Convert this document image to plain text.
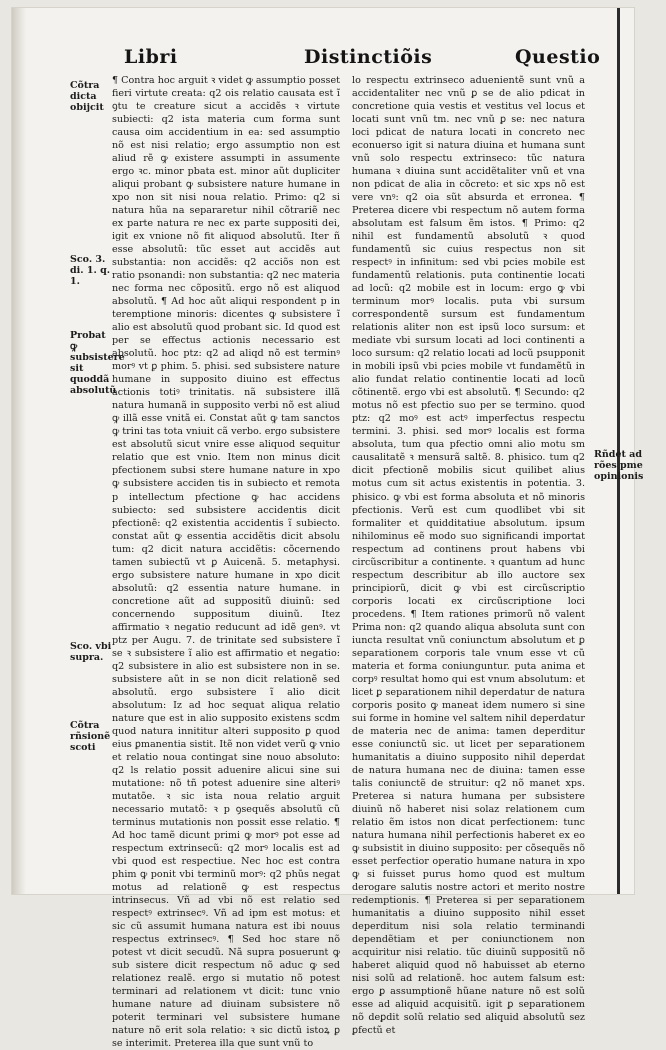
Libri	Distinctiõis	Questio
Cõtra dicta obijcit
Sco. 3. di. 1. q. 1.
Probat ꝙ subsistere sit quoddã absolutũ
Sco. vbi supra.
Cõtra rñsionẽ scoti
Rñdet ad rões pme opinionis

¶ Contra hoc arguit ꝛ videt ꝙ assumptio posset fieri virtute creata: q2 ois relatio causata est ĩ ꝯtu te creature sicut a accidẽs ꝛ virtute subiecti: q2 ista materia cum forma sunt causa oim accidentium in ea: sed assumptio nõ est nisi relatio; ergo assumptio non est aliud rẽ ꝙ existere assumpti in assumente ergo ꝛc. minor pbata est. minor aũt dupliciter aliqui probant ꝙ subsistere nature humane in xpo non sit nisi noua relatio. Primo: q2 si natura hũa na separaretur nihil cõtrariẽ nec ex parte natura re nec ex parte suppositi dei, igit ex vnione nõ fit aliquod absolutũ. Iter ñ esse absolutũ: tũc esset aut accidẽs aut substantia: non accidẽs: q2 acciõs non est ratio psonandi: non substantia: q2 nec materia nec forma nec cõpositũ. ergo nõ est aliquod absolutũ. ¶ Ad hoc aũt aliqui respondent p in teremptione minoris: dicentes ꝙ subsistere ĩ alio est absolutũ quod probant sic. Id quod est per se effectus actionis necessario est absolutũ. hoc ptz: q2 ad aliqd nõ est terminꝰ morꝰ vt ꝑ phim. 5. phisi. sed subsistere nature humane in supposito diuino est effectus actionis totiꝰ trinitatis. nã subsistere illã natura humanã in supposito verbi nõ est aliud ꝙ illã esse vnitã ei. Constat aũt ꝙ tam sanctos ꝙ trini tas tota vniuit cã verbo. ergo subsistere est absolutũ sicut vnire esse aliquod sequitur relatio que est vnio. Item non minus dicit pfectionem subsi stere humane nature in xpo ꝙ subsistere acciden tis in subiecto et remota p intellectum pfectione ꝙ hac accidens subiecto: sed subsistere accidentis dicit pfectionẽ: q2 existentia accidentis ĩ subiecto. constat aũt ꝙ essentia accidẽtis dicit absolu tum: q2 dicit natura accidẽtis: cõcernendo tamen subiectũ vt ꝑ Auicenã. 5. metaphysi. ergo subsistere nature humane in xpo dicit absolutũ: q2 essentia nature humane. in concretione aũt ad suppositũ diuinũ: sed concernendo suppositum diuinũ. Itez affirmatio ꝛ negatio reducunt ad idẽ genꝰ. vt ptz per Augu. 7. de trinitate sed subsistere ĩ se ꝛ subsistere ĩ alio est affirmatio et negatio: q2 subsistere in alio est subsistere non in se. subsistere aũt in se non dicit relationẽ sed absolutũ. ergo subsistere ĩ alio dicit absolutum: Iz ad hoc sequat aliqua relatio nature que est in alio supposito existens scdm quod natura innititur alteri supposito ꝑ quod eius ꝑmanentia sistit. Itẽ non videt verũ ꝙ vnio et relatio noua contingat sine nouo absoluto: q2 ls relatio possit aduenire alicui sine sui mutatione: nõ tñ potest aduenire sine alteriꝰ mutatõe. ꝛ sic ista noua relatio arguit necessario mutatõ: ꝛ p ꝯsequẽs absolutũ cũ terminus mutationis non possit esse relatio. ¶ Ad hoc tamẽ dicunt primi ꝙ morꝰ pot esse ad respectum extrinsecũ: q2 morꝰ localis est ad vbi quod est respectiue. Nec hoc est contra phim ꝙ ponit vbi terminũ morꝰ: q2 phũs negat motus ad relationẽ ꝙ est respectus intrinsecus. Vñ ad vbi nõ est relatio sed respectꝰ extrinsecꝰ. Vñ ad ipm est motus: et sic cũ assumit humana natura est ibi nouus respectus extrinsecꝰ. ¶ Sed hoc stare nõ potest vt dicit secudũ. Nã supra posuerunt ꝙ sub sistere dicit respectum nõ aduc ꝙ sed relationez realẽ. ergo si mutatio nõ potest terminari ad relationem vt dicit: tunc vnio humane nature ad diuinam subsistere nõ poterit terminari vel subsistere humane nature nõ erit sola relatio: ꝛ sic dictũ istoꝝ ꝑ se interimit. Preterea illa que sunt vnũ to

lo respectu extrinseco aduenientẽ sunt vnũ a accidentaliter nec vnũ ꝑ se de alio pdicat in concretione quia vestis et vestitus vel locus et locati sunt vnũ tm. nec vnũ ꝑ se: nec natura loci pdicat de natura locati in concreto nec econuerso igit si natura diuina et humana sunt vnũ solo respectu extrinseco: tũc natura humana ꝛ diuina sunt accidẽtaliter vnũ et vna non pdicat de alia in cõcreto: et sic xps nõ est vere vnꝰ: q2 oia sũt absurda et erronea. ¶ Preterea dicere vbi respectum nõ autem forma absolutam est falsum ẽm istos. ¶ Primo: q2 nihil est fundamentũ absolutũ ꝛ quod fundamentũ sic cuius respectus non sit respectꝰ in infinitum: sed vbi pcies mobile est fundamentũ relationis. puta continentie locati ad locũ: q2 mobile est in locum: ergo ꝙ vbi terminum morꝰ localis. puta vbi sursum correspondentẽ sursum est fundamentum relationis aliter non est ipsũ loco sursum: et mediate vbi sursum locati ad loci continenti a loco sursum: q2 relatio locati ad locũ psupponit in mobili ipsũ vbi pcies mobile vt fundamẽtũ in alio fundat relatio continentie locati ad locũ cõtinentẽ. ergo vbi est absolutũ. ¶ Secundo: q2 motus nõ est pfectio suo per se termino. quod ptz: q2 moꝰ est actꝰ imperfectus respectu termini. 3. phisi. sed morꝰ localis est forma absoluta, tum qua pfectio omni alio motu sm causalitatẽ ꝛ mensurã saltẽ. 8. phisico. tum q2 dicit pfectionẽ mobilis sicut quilibet alius motus cum sit actus existentis in potentia. 3. phisico. ꝙ vbi est forma absoluta et nõ minoris pfectionis. Verũ est cum quodlibet vbi sit formaliter et quidditatiue absolutum. ipsum nihilominus eẽ modo suo significandi importat respectum ad continens prout habens vbi circũscribitur a continente. ꝛ quantum ad hunc respectum describitur ab illo auctore sex principiorũ, dicit ꝙ vbi est circũscriptio corporis locati ex circũscriptione loci procedens. ¶ Item rationes primorũ nõ valent Prima non: q2 quando aliqua absoluta sunt con iuncta resultat vnũ coniunctum absolutum et ꝑ separationem corporis tale vnum esse vt cũ materia et forma coniunguntur. puta anima et corpꝰ resultat homo qui est vnum absolutum: et licet ꝑ separationem nihil deperdatur de natura corporis posito ꝙ maneat idem numero si sine sui forme in homine vel saltem nihil deperdatur de materia nec de anima: tamen deperditur esse coniunctũ sic. ut licet per separationem humanitatis a diuino supposito nihil deperdat de natura humana nec de diuina: tamen esse talis coniunctẽ de struitur: q2 nõ manet xps. Preterea si natura humana per subsistere diuinũ nõ haberet nisi solaz relationem cum relatio ẽm istos non dicat perfectionem: tunc natura humana nihil perfectionis haberet ex eo ꝙ subsistit in diuino supposito: per cõsequẽs nõ esset perfectior operatio humane natura in xpo ꝙ si fuisset purus homo quod est multum derogare salutis nostre actori et merito nostre redemptionis. ¶ Preterea si per separationem humanitatis a diuino supposito nihil esset deperditum nisi sola relatio terminandi dependẽtiam et per coniunctionem non acquiritur nisi relatio. tũc diuinũ suppositũ nõ haberet aliquid quod nõ habuisset ab eterno nisi solũ ad relationẽ. hoc autem falsum est: ergo ꝑ assumptionẽ hũane nature nõ est solũ esse ad aliquid acquisitũ. igit ꝑ separationem nõ deꝑdit solũ relatio sed aliquid absolutũ sez ꝑfectũ et
